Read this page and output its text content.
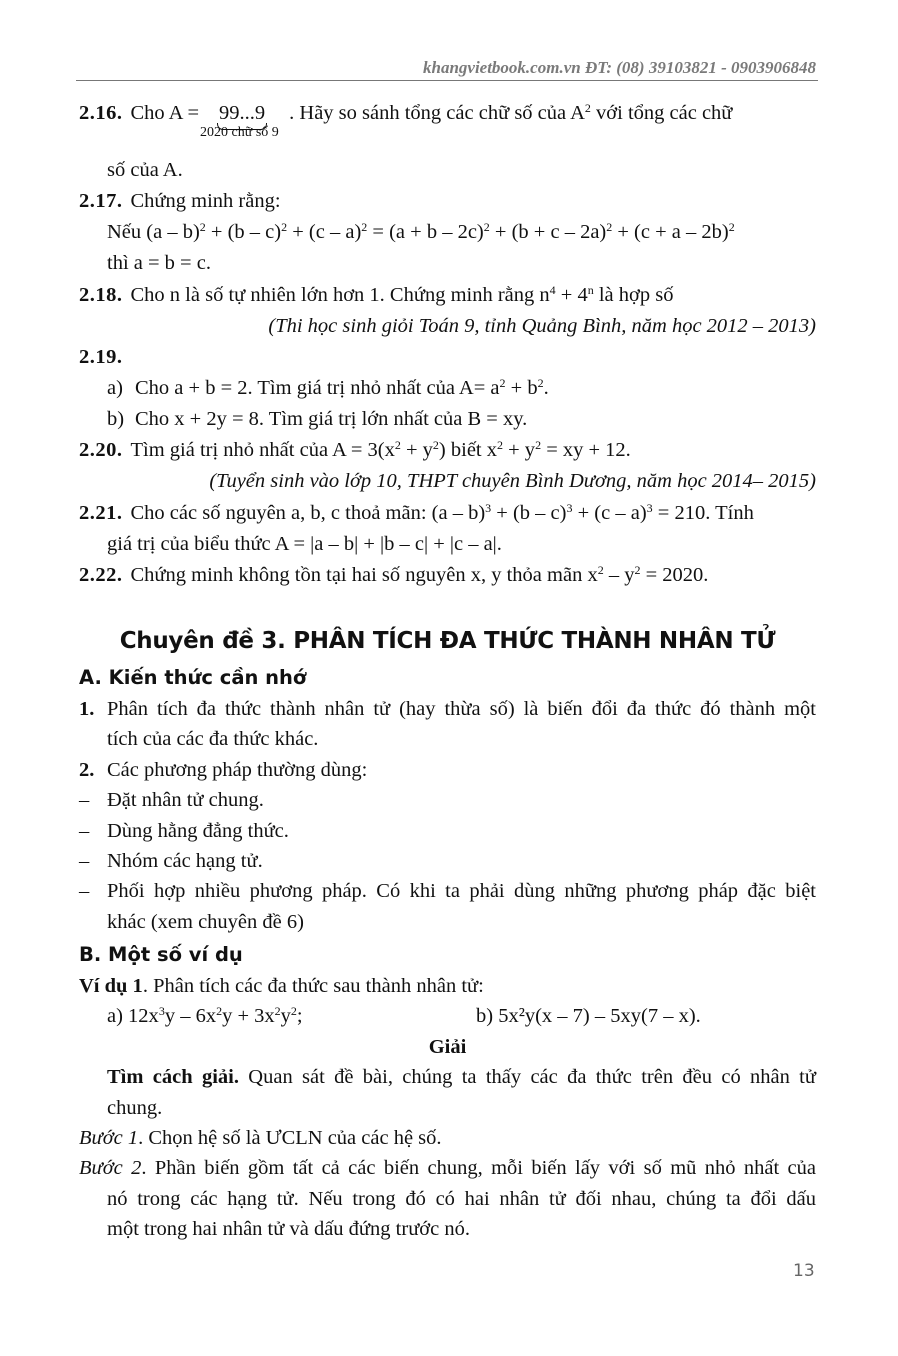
khangvietbook.com.vn ĐT: (08) 39103821 - 0903906848
2.16. Cho A = 99...9
2020 chữ số 9
. Hãy so sánh tổng các chữ số của $A^2$ với tổng các chữ
số của A.
2.17. Chứng minh rằng:
Nếu $(a - b)^2 + (b - c)^2 + (c - a)^2 = (a + b - 2c)^2 + (b + c - 2a)^2 + (c + a - 2b)^2$
thì a = b = c.
2.18. Cho n là số tự nhiên lớn hơn 1. Chứng minh rằng $n^4 + 4^n$ là hợp số
(Thi học sinh giỏi Toán 9, tỉnh Quảng Bình, năm học 2012 – 2013)
2.19.
a) Cho a + b = 2. Tìm giá trị nhỏ nhất của $A= a^2 + b^2$.
b) Cho x + 2y = 8. Tìm giá trị lớn nhất của B = xy.
2.20. Tìm giá trị nhỏ nhất của $A = 3(x^2 + y^2)$ biết $x^2 + y^2$ = xy + 12.
(Tuyển sinh vào lớp 10, THPT chuyên Bình Dương, năm học 2014– 2015)
2.21. Cho các số nguyên a, b, c thoả mãn: (a – b)$^3$ + (b – c)$^3$ + (c – a)$^3$ = 210. Tính
giá trị của biểu thức A = |a – b| + |b – c| + |c – a|.
2.22. Chứng minh không tồn tại hai số nguyên x, y thỏa mãn $x^2 - y^2 = 2020$.
Chuyên đề 3. PHÂN TÍCH ĐA THỨC THÀNH NHÂN TỬ
A. Kiến thức cần nhớ
1. Phân tích đa thức thành nhân tử (hay thừa số) là biến đổi đa thức đó thành một
tích của các đa thức khác.
2. Các phương pháp thường dùng:
– Đặt nhân tử chung.
– Dùng hằng đẳng thức.
– Nhóm các hạng tử.
– Phối hợp nhiều phương pháp. Có khi ta phải dùng những phương pháp đặc biệt
khác (xem chuyên đề 6)
B. Một số ví dụ
Ví dụ 1. Phân tích các đa thức sau thành nhân tử:
a) $12x^3y - 6x^2y + 3x^2y^2$;	b) 5x²y(x – 7) – 5xy(7 – x).
Giải
Tìm cách giải. Quan sát đề bài, chúng ta thấy các đa thức trên đều có nhân tử
chung.
Bước 1. Chọn hệ số là ƯCLN của các hệ số.
Bước 2. Phần biến gồm tất cả các biến chung, mỗi biến lấy với số mũ nhỏ nhất của
nó trong các hạng tử. Nếu trong đó có hai nhân tử đối nhau, chúng ta đổi dấu
một trong hai nhân tử và dấu đứng trước nó.
13
